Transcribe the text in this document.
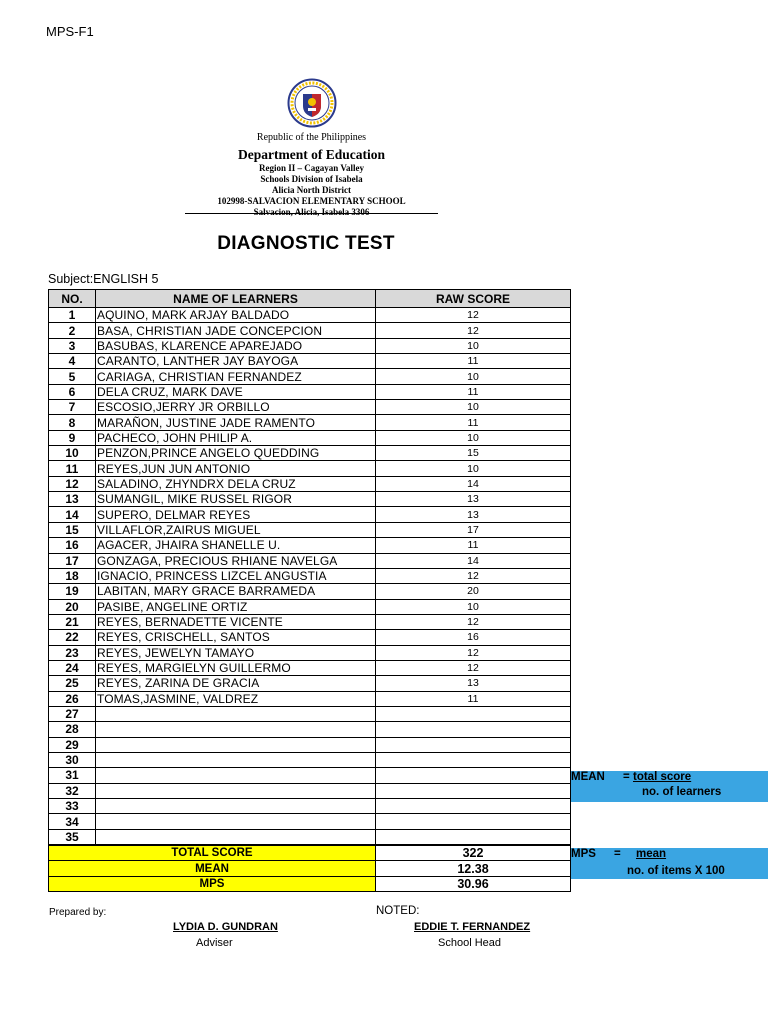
MPS-F1
Republic of the Philippines
Department of Education
Region II – Cagayan Valley
Schools Division of Isabela
Alicia North District
102998-SALVACION ELEMENTARY SCHOOL
Salvacion, Alicia, Isabela 3306
DIAGNOSTIC TEST
Subject:ENGLISH 5
NO.	NAME OF LEARNERS	RAW SCORE
1	AQUINO, MARK ARJAY BALDADO	12
2	BASA, CHRISTIAN JADE CONCEPCION	12
3	BASUBAS, KLARENCE APAREJADO	10
4	CARANTO, LANTHER JAY BAYOGA	11
5	CARIAGA, CHRISTIAN FERNANDEZ	10
6	DELA CRUZ, MARK DAVE	11
7	ESCOSIO,JERRY JR ORBILLO	10
8	MARAÑON, JUSTINE JADE RAMENTO	11
9	PACHECO, JOHN PHILIP A.	10
10	PENZON,PRINCE ANGELO QUEDDING	15
11	REYES,JUN JUN ANTONIO	10
12	SALADINO, ZHYNDRX DELA CRUZ	14
13	SUMANGIL, MIKE RUSSEL RIGOR	13
14	SUPERO, DELMAR REYES	13
15	VILLAFLOR,ZAIRUS MIGUEL	17
16	AGACER, JHAIRA SHANELLE U.	11
17	GONZAGA, PRECIOUS RHIANE NAVELGA	14
18	IGNACIO, PRINCESS LIZCEL ANGUSTIA	12
19	LABITAN, MARY GRACE BARRAMEDA	20
20	PASIBE, ANGELINE ORTIZ	10
21	REYES, BERNADETTE VICENTE	12
22	REYES, CRISCHELL, SANTOS	16
23	REYES, JEWELYN TAMAYO	12
24	REYES, MARGIELYN GUILLERMO	12
25	REYES, ZARINA DE GRACIA	13
26	TOMAS,JASMINE, VALDREZ	11
27		
28		
29		
30		
31		
32		
33		
34		
35		
TOTAL SCORE		322
MEAN		12.38
MPS		30.96
MEAN = total score
no. of learners
MPS = mean
no. of items X 100
Prepared by:	NOTED:
LYDIA D. GUNDRAN
Adviser
EDDIE T. FERNANDEZ
School Head
